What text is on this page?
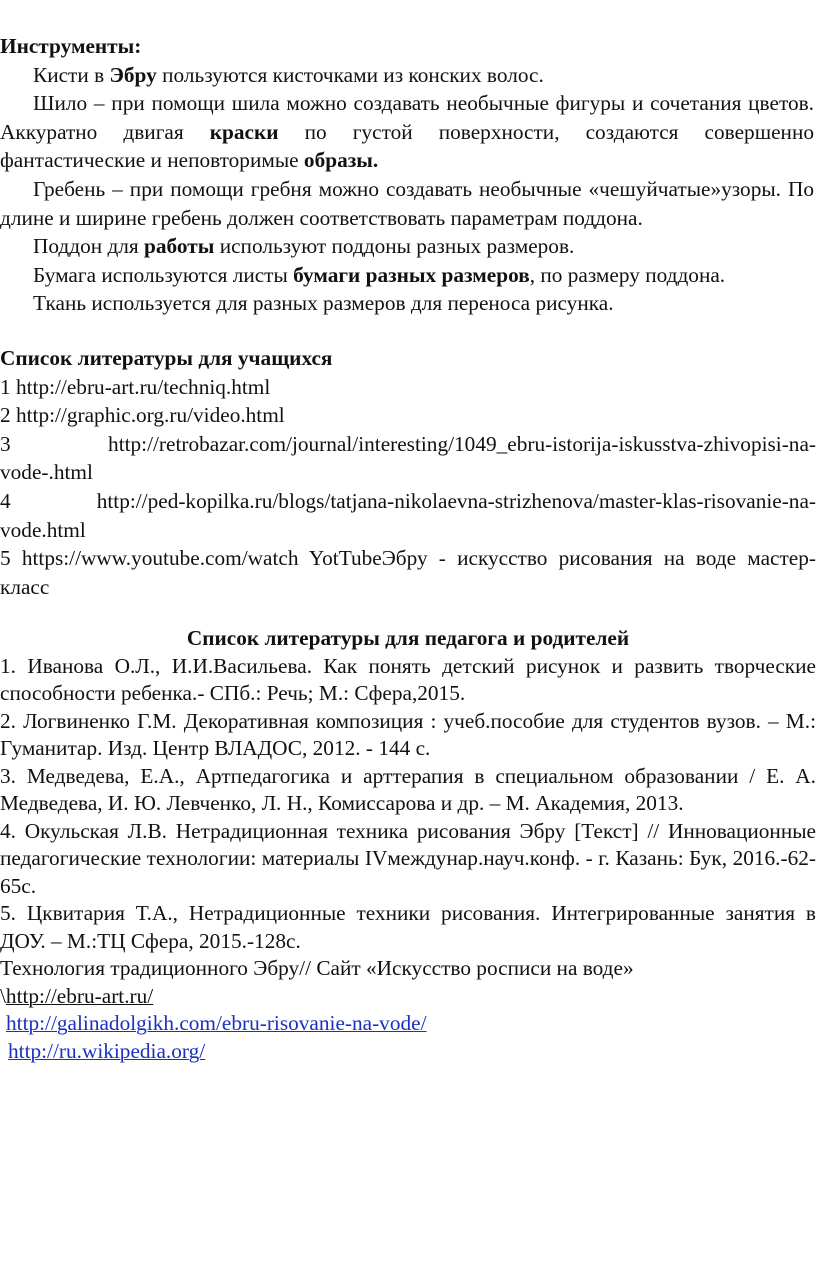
Инструменты:

Кисти в Эбру пользуются кисточками из конских волос.

Шило – при помощи шила можно создавать необычные фигуры и сочетания цветов. Аккуратно двигая краски по густой поверхности, создаются совершенно фантастические и неповторимые образы.

Гребень – при помощи гребня можно создавать необычные «чешуйчатые»узоры. По длине и ширине гребень должен соответствовать параметрам поддона.

Поддон для работы используют поддоны разных размеров.

Бумага используются листы бумаги разных размеров, по размеру поддона.

Ткань используется для разных размеров для переноса рисунка.

Список литературы для учащихся

1 http://ebru-art.ru/techniq.html

2 http://graphic.org.ru/video.html

3 http://retrobazar.com/journal/interesting/1049_ebru-istorija-iskusstva-zhivopisi-na-vode-.html

4 http://ped-kopilka.ru/blogs/tatjana-nikolaevna-strizhenova/master-klas-risovanie-na-vode.html

5 https://www.youtube.com/watch YotTubeЭбру - искусство рисования на воде мастер-класс

Список литературы для педагога и родителей

1. Иванова О.Л., И.И.Васильева. Как понять детский рисунок и развить творческие способности ребенка.- СПб.: Речь; М.: Сфера,2015.

2. Логвиненко Г.М. Декоративная композиция : учеб.пособие для студентов вузов. – М.: Гуманитар. Изд. Центр ВЛАДОС, 2012. - 144 с.

3. Медведева, Е.А., Артпедагогика и арттерапия в специальном образовании / Е. А. Медведева, И. Ю. Левченко, Л. Н., Комиссарова и др. – М. Академия, 2013.

4. Окульская Л.В. Нетрадиционная техника рисования Эбру [Текст] // Инновационные педагогические технологии: материалы IVмеждунар.науч.конф. - г. Казань: Бук, 2016.-62- 65с.

5. Цквитария Т.А., Нетрадиционные техники рисования. Интегрированные занятия в ДОУ. – М.:ТЦ Сфера, 2015.-128с.

Технология традиционного Эбру// Сайт «Искусство росписи на воде»

\http://ebru-art.ru/

http://galinadolgikh.com/ebru-risovanie-na-vode/

http://ru.wikipedia.org/
